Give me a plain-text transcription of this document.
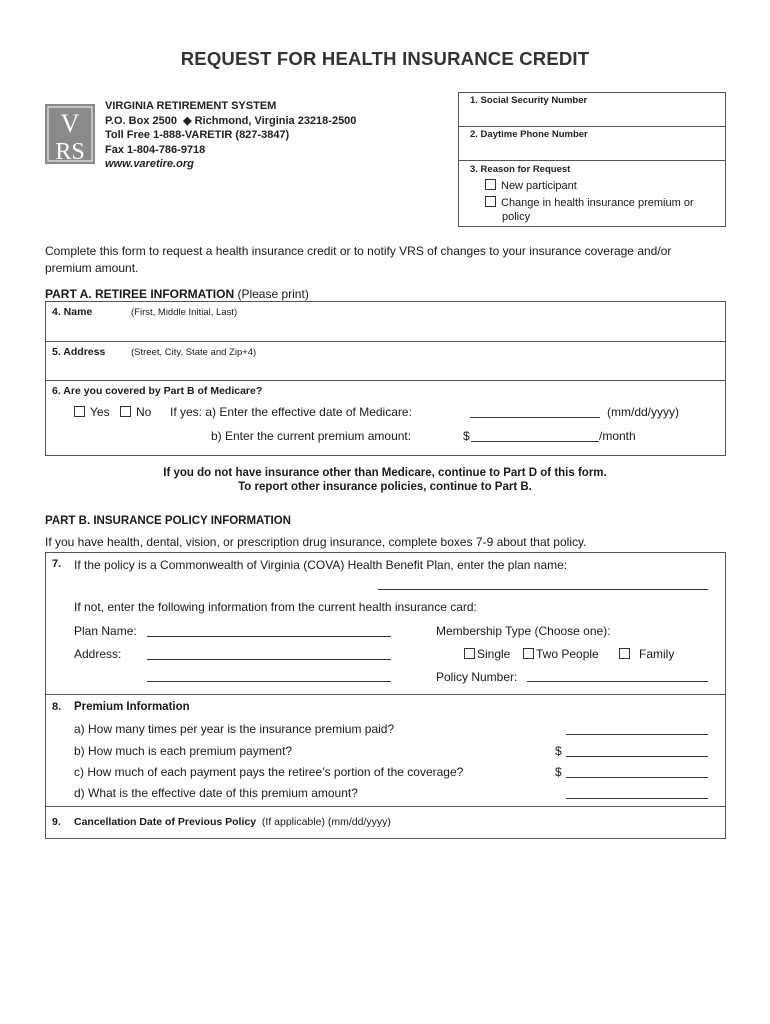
REQUEST FOR HEALTH INSURANCE CREDIT
V
RS
VIRGINIA RETIREMENT SYSTEM
P.O. Box 2500 ◆ Richmond, Virginia 23218-2500
Toll Free 1-888-VARETIR (827-3847)
Fax 1-804-786-9718
www.varetire.org
1. Social Security Number
2. Daytime Phone Number
3. Reason for Request
New participant
Change in health insurance premium or
policy
Complete this form to request a health insurance credit or to notify VRS of changes to your insurance coverage and/or
premium amount.
PART A. RETIREE INFORMATION (Please print)
4. Name	(First, Middle Initial, Last)
5. Address	(Street, City, State and Zip+4)
6. Are you covered by Part B of Medicare?
Yes	No If yes: a) Enter the effective date of Medicare:	(mm/dd/yyyy)
b) Enter the current premium amount:	$	/month
If you do not have insurance other than Medicare, continue to Part D of this form.
To report other insurance policies, continue to Part B.
PART B. INSURANCE POLICY INFORMATION
If you have health, dental, vision, or prescription drug insurance, complete boxes 7-9 about that policy.
7. If the policy is a Commonwealth of Virginia (COVA) Health Benefit Plan, enter the plan name:
If not, enter the following information from the current health insurance card:
Plan Name:	Membership Type (Choose one):
Address:	Single	Two People	Family
Policy Number:
8. Premium Information
a) How many times per year is the insurance premium paid?
b) How much is each premium payment?	$
c) How much of each payment pays the retiree’s portion of the coverage?	$
d) What is the effective date of this premium amount?
9. Cancellation Date of Previous Policy (If applicable) (mm/dd/yyyy)
